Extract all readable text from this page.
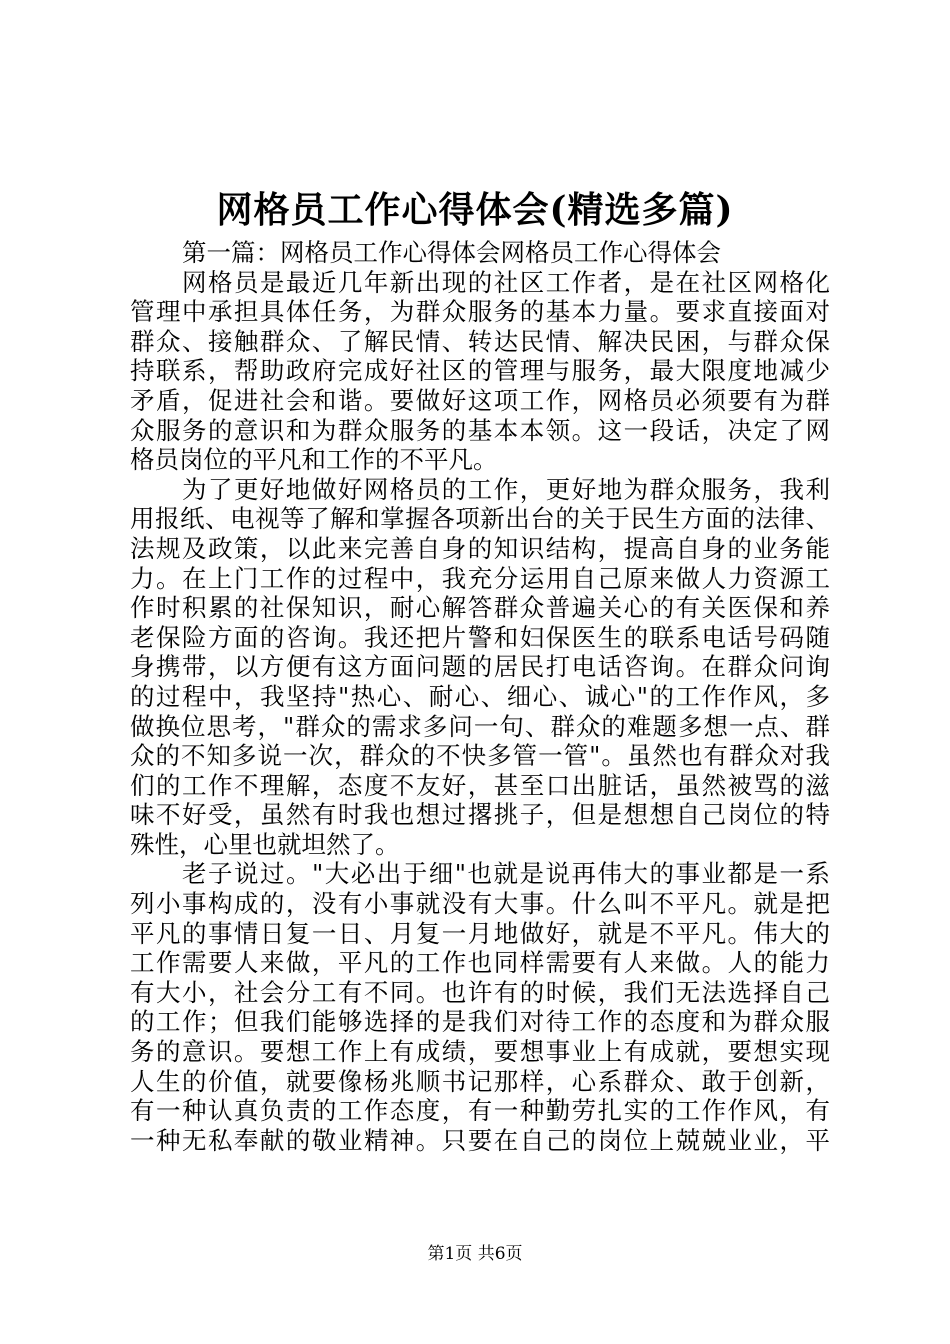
网格员工作心得体会(精选多篇)
第一篇：网格员工作心得体会网格员工作心得体会
网格员是最近几年新出现的社区工作者，是在社区网格化
管理中承担具体任务，为群众服务的基本力量。要求直接面对
群众、接触群众、了解民情、转达民情、解决民困，与群众保
持联系，帮助政府完成好社区的管理与服务，最大限度地减少
矛盾，促进社会和谐。要做好这项工作，网格员必须要有为群
众服务的意识和为群众服务的基本本领。这一段话，决定了网
格员岗位的平凡和工作的不平凡。
为了更好地做好网格员的工作，更好地为群众服务，我利
用报纸、电视等了解和掌握各项新出台的关于民生方面的法律、
法规及政策，以此来完善自身的知识结构，提高自身的业务能
力。在上门工作的过程中，我充分运用自己原来做人力资源工
作时积累的社保知识，耐心解答群众普遍关心的有关医保和养
老保险方面的咨询。我还把片警和妇保医生的联系电话号码随
身携带，以方便有这方面问题的居民打电话咨询。在群众问询
的过程中，我坚持"热心、耐心、细心、诚心"的工作作风，多
做换位思考，"群众的需求多问一句、群众的难题多想一点、群
众的不知多说一次，群众的不快多管一管"。虽然也有群众对我
们的工作不理解，态度不友好，甚至口出脏话，虽然被骂的滋
味不好受，虽然有时我也想过撂挑子，但是想想自己岗位的特
殊性，心里也就坦然了。
老子说过。"大必出于细"也就是说再伟大的事业都是一系
列小事构成的，没有小事就没有大事。什么叫不平凡。就是把
平凡的事情日复一日、月复一月地做好，就是不平凡。伟大的
工作需要人来做，平凡的工作也同样需要有人来做。人的能力
有大小，社会分工有不同。也许有的时候，我们无法选择自己
的工作；但我们能够选择的是我们对待工作的态度和为群众服
务的意识。要想工作上有成绩，要想事业上有成就，要想实现
人生的价值，就要像杨兆顺书记那样，心系群众、敢于创新，
有一种认真负责的工作态度，有一种勤劳扎实的工作作风，有
一种无私奉献的敬业精神。只要在自己的岗位上兢兢业业，平
第1页 共6页
